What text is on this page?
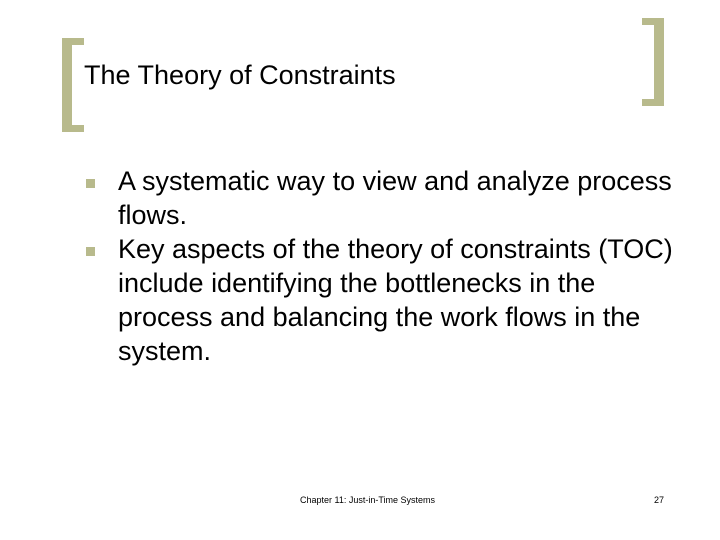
The Theory of Constraints
A systematic way to view and analyze process flows.
Key aspects of the theory of constraints (TOC) include identifying the bottlenecks in the process and balancing the work flows in the system.
Chapter 11: Just-in-Time Systems	27
